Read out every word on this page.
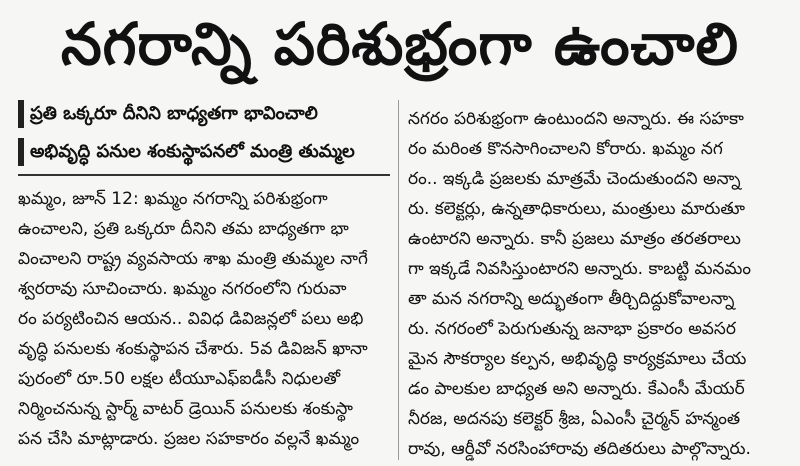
నగరాన్ని పరిశుభ్రంగా ఉంచాలి
ప్రతి ఒక్కరూ దీనిని బాధ్యతగా భావించాలి
అభివృద్ధి పనుల శంకుస్థాపనలో మంత్రి తుమ్మల
ఖమ్మం, జూన్ 12: ఖమ్మం నగరాన్ని పరిశుభ్రంగా
ఉంచాలని, ప్రతి ఒక్కరూ దీనిని తమ బాధ్యతగా భా
వించాలని రాష్ట్ర వ్యవసాయ శాఖ మంత్రి తుమ్మల నాగే
శ్వరరావు సూచించారు. ఖమ్మం నగరంలోని గురువా
రం పర్యటించిన ఆయన.. వివిధ డివిజన్లలో పలు అభి
వృద్ధి పనులకు శంకుస్థాపన చేశారు. 5వ డివిజన్ ఖానా
పురంలో రూ.50 లక్షల టీయూఎఫ్ఐడీసీ నిధులతో
నిర్మించనున్న స్టార్మ్ వాటర్ డ్రెయిన్ పనులకు శంకుస్థా
పన చేసి మాట్లాడారు. ప్రజల సహకారం వల్లనే ఖమ్మం
నగరం పరిశుభ్రంగా ఉంటుందని అన్నారు. ఈ సహకా
రం మరింత కొనసాగించాలని కోరారు. ఖమ్మం నగ
రం.. ఇక్కడి ప్రజలకు మాత్రమే చెందుతుందని అన్నా
రు. కలెక్టర్లు, ఉన్నతాధికారులు, మంత్రులు మారుతూ
ఉంటారని అన్నారు. కానీ ప్రజలు మాత్రం తరతరాలు
గా ఇక్కడే నివసిస్తుంటారని అన్నారు. కాబట్టి మనమం
తా మన నగరాన్ని అద్భుతంగా తీర్చిదిద్దుకోవాలన్నా
రు. నగరంలో పెరుగుతున్న జనాభా ప్రకారం అవసర
మైన సౌకర్యాల కల్పన, అభివృద్ధి కార్యక్రమాలు చేయ
డం పాలకుల బాధ్యత అని అన్నారు. కేఎంసీ మేయర్
నీరజ, అదనపు కలెక్టర్ శ్రీజ, ఏఎంసీ చైర్మన్ హన్మంత
రావు, ఆర్డీవో నరసింహారావు తదితరులు పాల్గొన్నారు.
